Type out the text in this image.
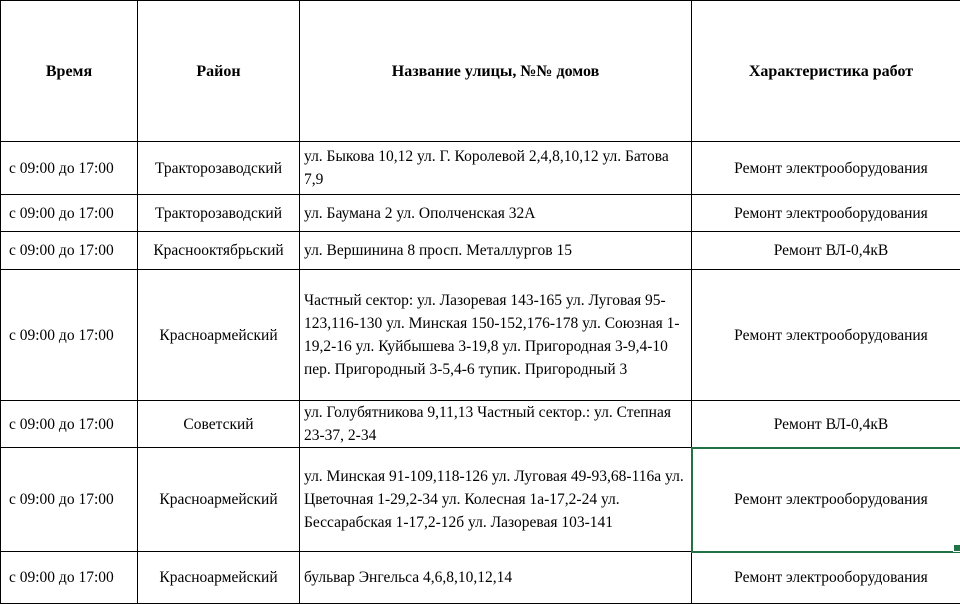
Время	Район	Название улицы, №№ домов	Характеристика работ
с 09:00 до 17:00	Тракторозаводский	ул. Быкова 10,12 ул. Г. Королевой 2,4,8,10,12 ул. Батова 7,9	Ремонт электрооборудования
с 09:00 до 17:00	Тракторозаводский	ул. Баумана 2 ул. Ополченская 32А	Ремонт электрооборудования
с 09:00 до 17:00	Краснооктябрьский	ул. Вершинина 8 просп. Металлургов 15	Ремонт ВЛ-0,4кВ
с 09:00 до 17:00	Красноармейский	Частный сектор: ул. Лазоревая 143-165 ул. Луговая 95-123,116-130 ул. Минская 150-152,176-178 ул. Союзная 1-19,2-16 ул. Куйбышева 3-19,8 ул. Пригородная 3-9,4-10 пер. Пригородный 3-5,4-6 тупик. Пригородный 3	Ремонт электрооборудования
с 09:00 до 17:00	Советский	ул. Голубятникова 9,11,13 Частный сектор.: ул. Степная 23-37, 2-34	Ремонт ВЛ-0,4кВ
с 09:00 до 17:00	Красноармейский	ул. Минская 91-109,118-126 ул. Луговая 49-93,68-116а ул. Цветочная 1-29,2-34 ул. Колесная 1а-17,2-24 ул. Бессарабская 1-17,2-12б ул. Лазоревая 103-141	Ремонт электрооборудования
с 09:00 до 17:00	Красноармейский	бульвар Энгельса 4,6,8,10,12,14	Ремонт электрооборудования
